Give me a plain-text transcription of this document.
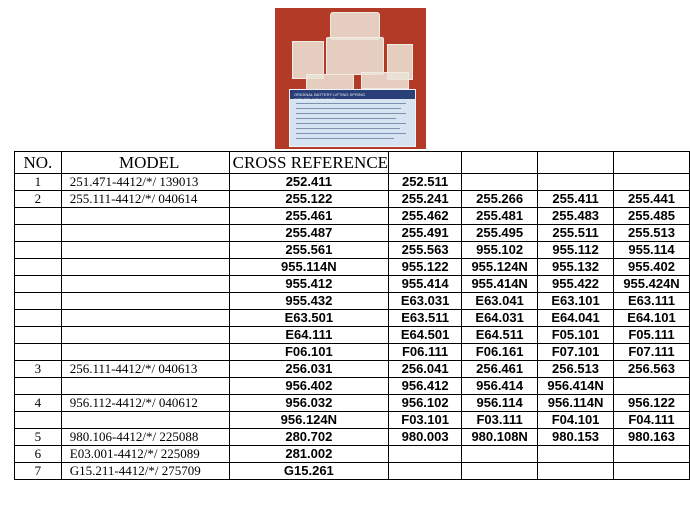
ORIGINAL BATTERY LIFTING SPRING
FOR ETA MOVEMENT
NO.	MODEL	CROSS REFERENCE				
1	251.471-4412/*/ 139013	252.411	252.511			
2	255.111-4412/*/ 040614	255.122	255.241	255.266	255.411	255.441
		255.461	255.462	255.481	255.483	255.485
		255.487	255.491	255.495	255.511	255.513
		255.561	255.563	955.102	955.112	955.114
		955.114N	955.122	955.124N	955.132	955.402
		955.412	955.414	955.414N	955.422	955.424N
		955.432	E63.031	E63.041	E63.101	E63.111
		E63.501	E63.511	E64.031	E64.041	E64.101
		E64.111	E64.501	E64.511	F05.101	F05.111
		F06.101	F06.111	F06.161	F07.101	F07.111
3	256.111-4412/*/ 040613	256.031	256.041	256.461	256.513	256.563
		956.402	956.412	956.414	956.414N	
4	956.112-4412/*/ 040612	956.032	956.102	956.114	956.114N	956.122
		956.124N	F03.101	F03.111	F04.101	F04.111
5	980.106-4412/*/ 225088	280.702	980.003	980.108N	980.153	980.163
6	E03.001-4412/*/ 225089	281.002				
7	G15.211-4412/*/ 275709	G15.261				
